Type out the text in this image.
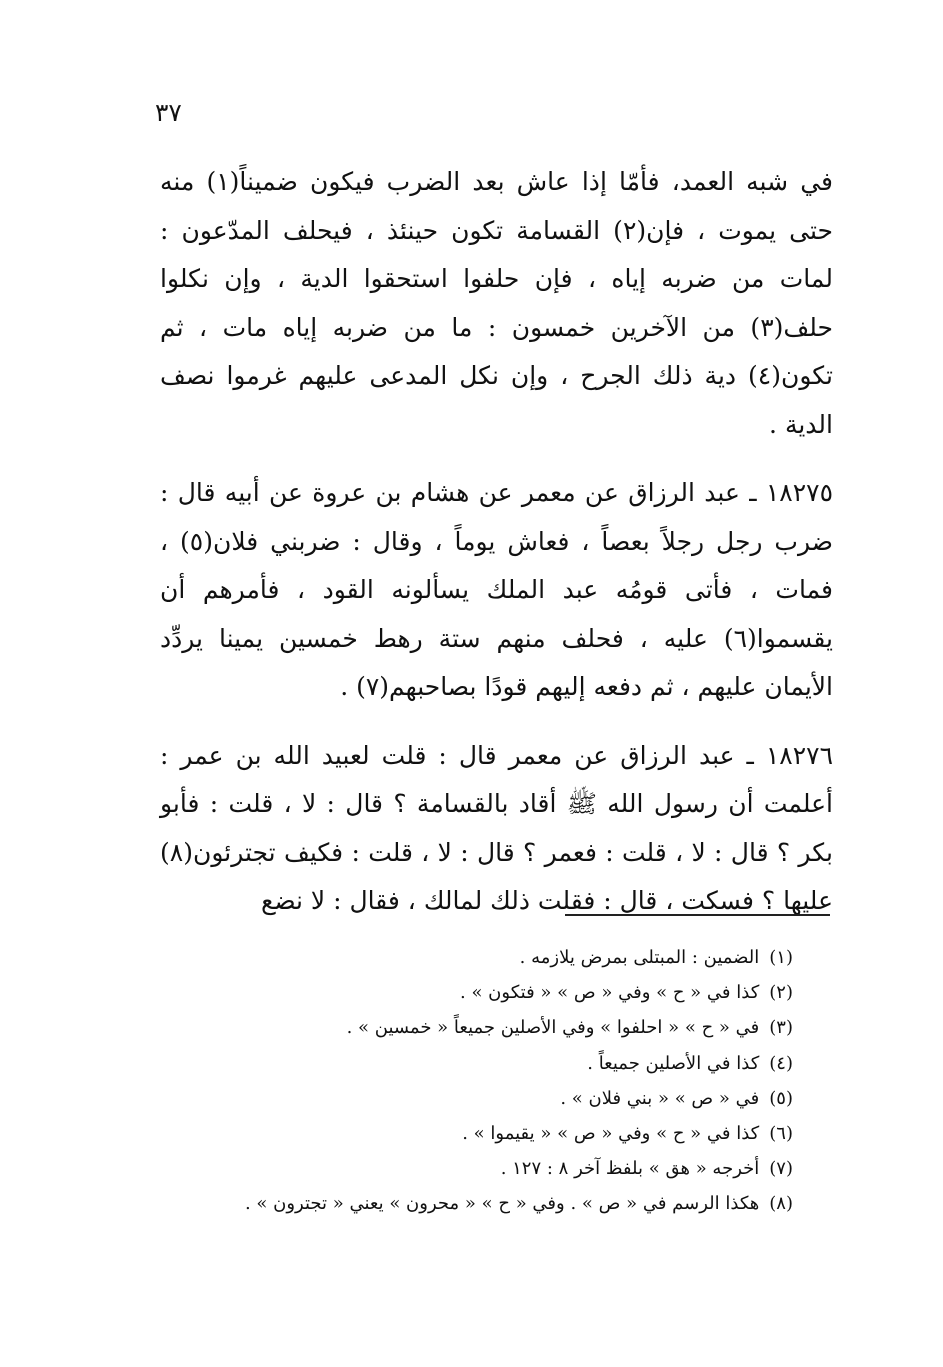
٣٧

في شبه العمد، فأمّا إذا عاش بعد الضرب فيكون ضميناً(١) منه حتى يموت ، فإن(٢) القسامة تكون حينئذ ، فيحلف المدّعون : لمات من ضربه إياه ، فإن حلفوا استحقوا الدية ، وإن نكلوا حلف(٣) من الآخرين خمسون : ما من ضربه إياه مات ، ثم تكون(٤) دية ذلك الجرح ، وإن نكل المدعى عليهم غرموا نصف الدية .

١٨٢٧٥ ـ عبد الرزاق عن معمر عن هشام بن عروة عن أبيه قال : ضرب رجل رجلاً بعصاً ، فعاش يوماً ، وقال : ضربني فلان(٥) ، فمات ، فأتى قومُه عبد الملك يسألونه القود ، فأمرهم أن يقسموا(٦) عليه ، فحلف منهم ستة رهط خمسين يمينا يردِّد الأيمان عليهم ، ثم دفعه إليهم قودًا بصاحبهم(٧) .

١٨٢٧٦ ـ عبد الرزاق عن معمر قال : قلت لعبيد الله بن عمر : أعلمت أن رسول الله ﷺ أقاد بالقسامة ؟ قال : لا ، قلت : فأبو بكر ؟ قال : لا ، قلت : فعمر ؟ قال : لا ، قلت : فكيف تجترئون(٨) عليها ؟ فسكت ، قال : فقلت ذلك لمالك ، فقال : لا نضع

(١)الضمين : المبتلى بمرض يلازمه .
(٢)كذا في « ح » وفي « ص » « فتكون » .
(٣)في « ح » « احلفوا » وفي الأصلين جميعاً « خمسين » .
(٤)كذا في الأصلين جميعاً .
(٥)في « ص » « بني فلان » .
(٦)كذا في « ح » وفي « ص » « يقيموا » .
(٧)أخرجه « هق » بلفظ آخر ٨ : ١٢٧ .
(٨)هكذا الرسم في « ص » . وفي « ح » « محرون » يعني « تجترون » .
